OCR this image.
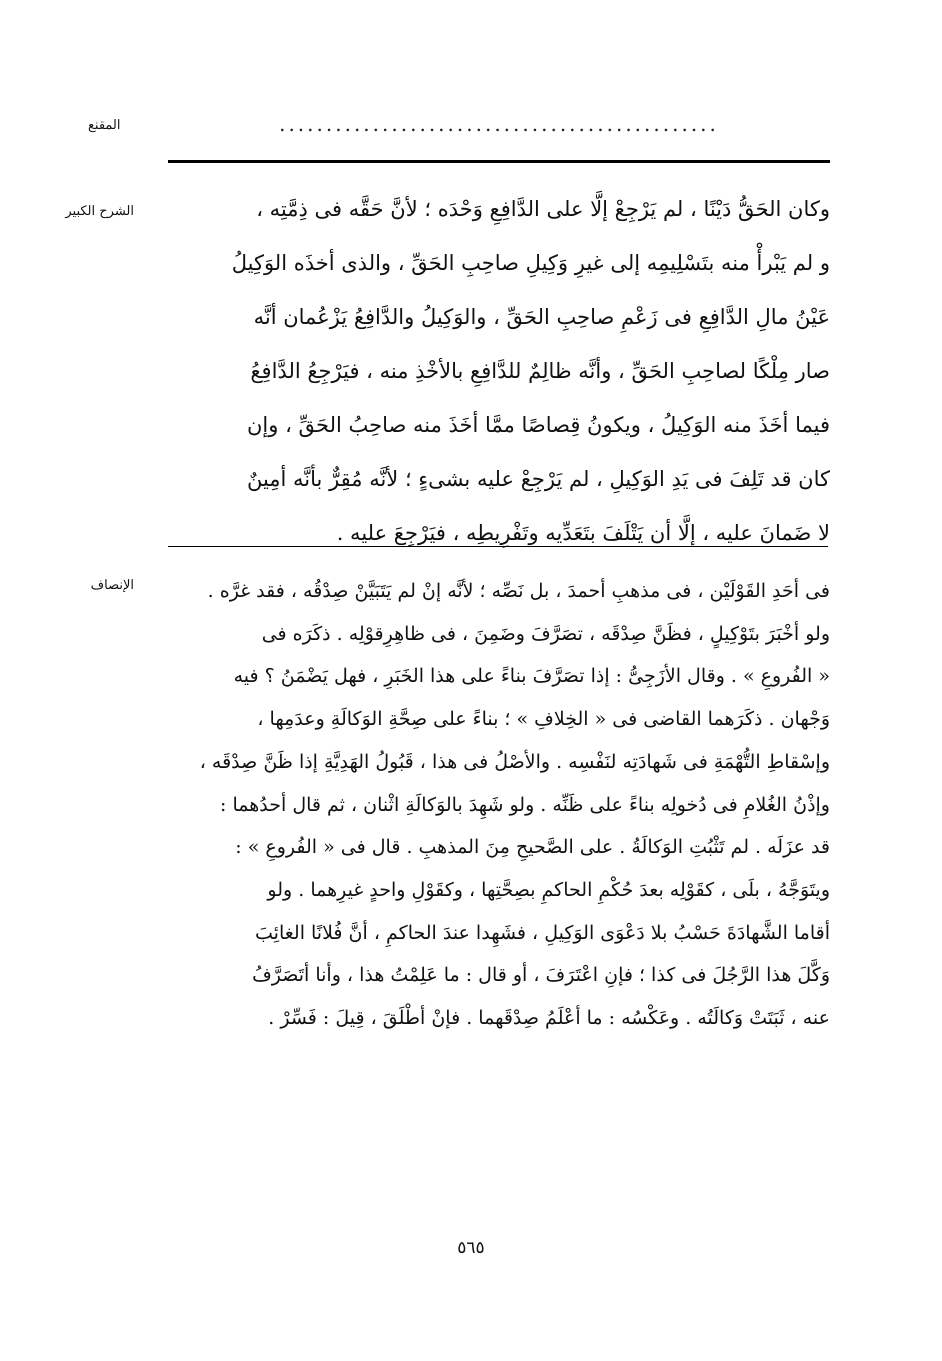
المقنع	...............................................
الشرح الكبير	وكان الحَقُّ دَيْنًا ، لم يَرْجِعْ إلَّا على الدَّافِعِ وَحْدَه ؛ لأنَّ حَقَّه فى ذِمَّتِه ،
و لم يَبْرأْ منه بتَسْلِيمِه إلى غيرِ وَكِيلِ صاحِبِ الحَقِّ ، والذى أخذَه الوَكِيلُ
عَيْنُ مالِ الدَّافِعِ فى زَعْمِ صاحِبِ الحَقِّ ، والوَكِيلُ والدَّافِعُ يَزْعُمان أنَّه
صار مِلْكًا لصاحِبِ الحَقِّ ، وأنَّه ظالِمٌ للدَّافِعِ بالأخْذِ منه ، فيَرْجِعُ الدَّافِعُ
فيما أخَذَ منه الوَكِيلُ ، ويكونُ قِصاصًا ممَّا أخَذَ منه صاحِبُ الحَقِّ ، وإن
كان قد تَلِفَ فى يَدِ الوَكِيلِ ، لم يَرْجِعْ عليه بشىءٍ ؛ لأنَّه مُقِرٌّ بأنَّه أمِينٌ
لا ضَمانَ عليه ، إلَّا أن يَتْلَفَ بتَعَدِّيه وتَفْرِيطِه ، فيَرْجِعَ عليه .
الإنصاف	فى أحَدِ القَوْلَيْن ، فى مذهبِ أحمدَ ، بل نَصِّه ؛ لأنَّه إنْ لم يَتَبَيَّنْ صِدْقُه ، فقد غرَّه .
ولو أخْبَرَ بتَوْكِيلٍ ، فظَنَّ صِدْقَه ، تصَرَّفَ وضَمِنَ ، فى ظاهِرِقوْلِه . ذكَرَه فى
« الفُروعِ » . وقال الأزَجِىُّ : إذا تصَرَّفَ بناءً على هذا الخَبَرِ ، فهل يَضْمَنُ ؟ فيه
وَجْهان . ذكَرَهما القاضى فى « الخِلافِ » ؛ بناءً على صِحَّةِ الوَكالَةِ وعدَمِها ،
وإسْقاطِ التُّهْمَةِ فى شَهادَتِه لنَفْسِه . والأصْلُ فى هذا ، قَبُولُ الهَدِيَّةِ إذا ظَنَّ صِدْقَه ،
وإذْنُ الغُلامِ فى دُخولِه بناءً على ظَنِّه . ولو شَهِدَ بالوَكالَةِ اثْنان ، ثم قال أحدُهما :
قد عزَلَه . لم تَثْبُتِ الوَكالَةُ . على الصَّحيحِ مِنَ المذهبِ . قال فى « الفُروعِ » :
ويتَوَجَّهُ ، بلَى ، كقَوْلِه بعدَ حُكْمِ الحاكمِ بصِحَّتِها ، وكقَوْلِ واحدٍ غيرِهما . ولو
أقاما الشَّهادَةَ حَسْبُ بلا دَعْوَى الوَكِيلِ ، فشَهِدا عندَ الحاكمِ ، أنَّ فُلانًا الغائِبَ
وَكَّلَ هذا الرَّجُلَ فى كذا ؛ فإنِ اعْتَرَفَ ، أو قال : ما عَلِمْتُ هذا ، وأنا أتَصَرَّفُ
عنه ، ثَبَتَتْ وَكالَتُه . وعَكْسُه : ما أعْلَمُ صِدْقَهما . فإنْ أطْلَقَ ، قِيلَ : فَسِّرْ .
٥٦٥
